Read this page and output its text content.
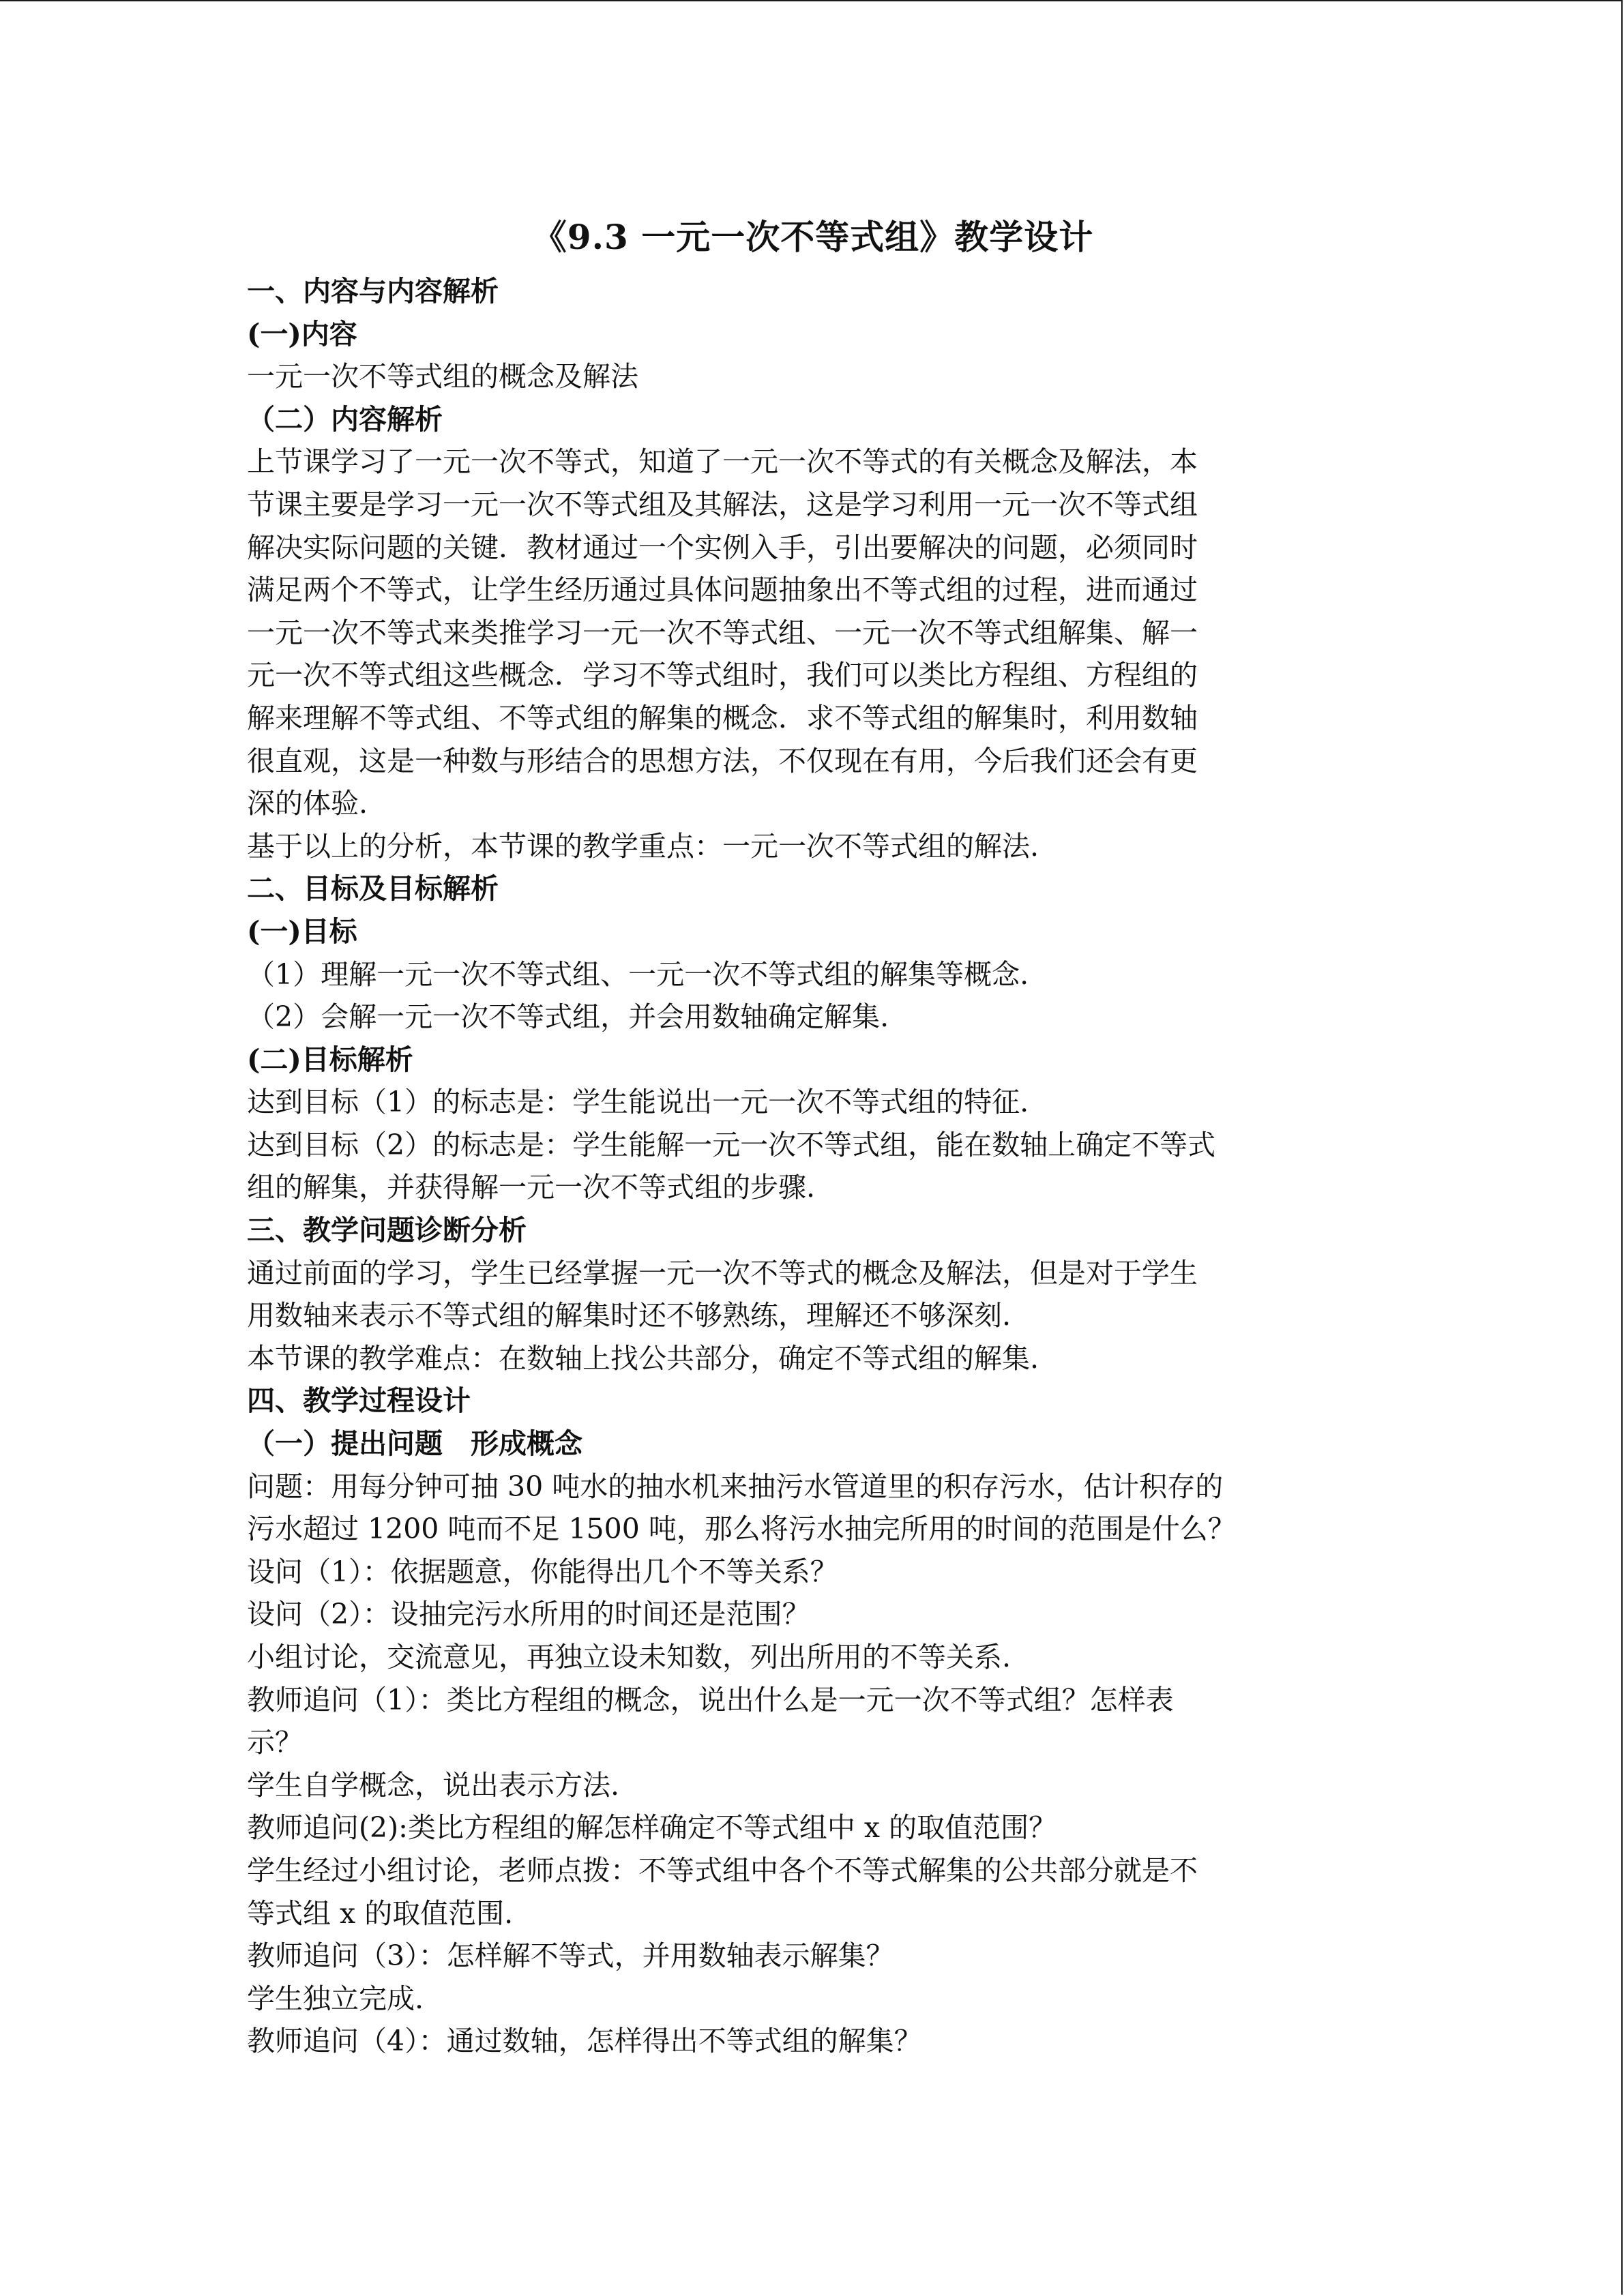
《9.3 一元一次不等式组》教学设计

一、内容与内容解析

(一)内容

一元一次不等式组的概念及解法

（二）内容解析

上节课学习了一元一次不等式，知道了一元一次不等式的有关概念及解法，本

节课主要是学习一元一次不等式组及其解法，这是学习利用一元一次不等式组

解决实际问题的关键．教材通过一个实例入手，引出要解决的问题，必须同时

满足两个不等式，让学生经历通过具体问题抽象出不等式组的过程，进而通过

一元一次不等式来类推学习一元一次不等式组、一元一次不等式组解集、解一

元一次不等式组这些概念．学习不等式组时，我们可以类比方程组、方程组的

解来理解不等式组、不等式组的解集的概念．求不等式组的解集时，利用数轴

很直观，这是一种数与形结合的思想方法，不仅现在有用，今后我们还会有更

深的体验.

基于以上的分析，本节课的教学重点：一元一次不等式组的解法.

二、目标及目标解析

(一)目标

（1）理解一元一次不等式组、一元一次不等式组的解集等概念.

（2）会解一元一次不等式组，并会用数轴确定解集.

(二)目标解析

达到目标（1）的标志是：学生能说出一元一次不等式组的特征.

达到目标（2）的标志是：学生能解一元一次不等式组，能在数轴上确定不等式

组的解集，并获得解一元一次不等式组的步骤.

三、教学问题诊断分析

通过前面的学习，学生已经掌握一元一次不等式的概念及解法，但是对于学生

用数轴来表示不等式组的解集时还不够熟练，理解还不够深刻.

本节课的教学难点：在数轴上找公共部分，确定不等式组的解集.

四、教学过程设计

（一）提出问题　形成概念

问题：用每分钟可抽 30 吨水的抽水机来抽污水管道里的积存污水，估计积存的

污水超过 1200 吨而不足 1500 吨，那么将污水抽完所用的时间的范围是什么？

设问（1）：依据题意，你能得出几个不等关系？

设问（2）：设抽完污水所用的时间还是范围？

小组讨论，交流意见，再独立设未知数，列出所用的不等关系.

教师追问（1）：类比方程组的概念，说出什么是一元一次不等式组？怎样表

示？

学生自学概念，说出表示方法.

教师追问(2):类比方程组的解怎样确定不等式组中 x 的取值范围？

学生经过小组讨论，老师点拨：不等式组中各个不等式解集的公共部分就是不

等式组 x 的取值范围.

教师追问（3）：怎样解不等式，并用数轴表示解集？

学生独立完成.

教师追问（4）：通过数轴，怎样得出不等式组的解集？
